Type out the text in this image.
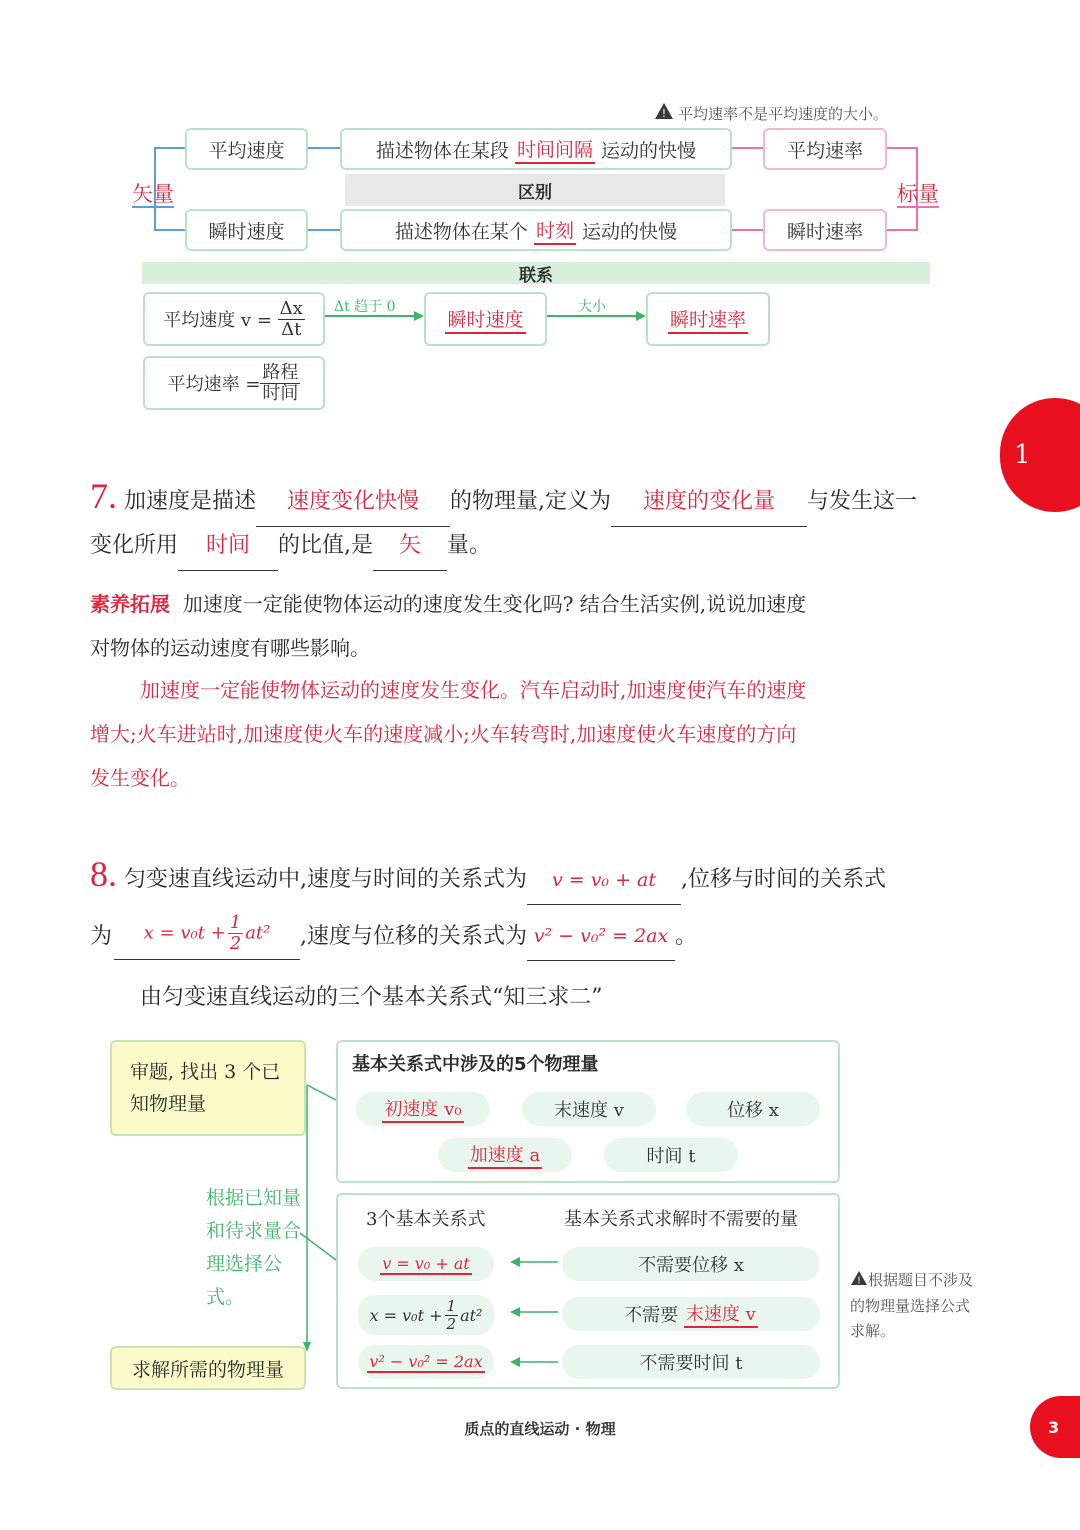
! 平均速率不是平均速度的大小。
矢量	标量
平均速度
瞬时速度
描述物体在某段
时间间隔
运动的快慢
区别
描述物体在某个
时刻
运动的快慢
平均速率
瞬时速率
联系
平均速度 v =
$\frac{\Delta x}{\Delta t}$ Δt 趋于 0
瞬时速度
大小
瞬时速率
平均速率 = $\frac{\text{路程}}{\text{时间}}$
1
7. 加速度是描述 速度变化快慢 的物理量,定义为 速度的变化量 与发生这一
变化所用 时间 的比值,是 矢 量。
素养拓展 加速度一定能使物体运动的速度发生变化吗? 结合生活实例,说说加速度
对物体的运动速度有哪些影响。
加速度一定能使物体运动的速度发生变化。汽车启动时,加速度使汽车的速度
增大;火车进站时,加速度使火车的速度减小;火车转弯时,加速度使火车速度的方向
发生变化。
8. 匀变速直线运动中,速度与时间的关系式为 v = v₀ + at ,位移与时间的关系式
为	$x = v_0t + \frac{1}{2} at^2$	,速度与位移的关系式为 v² − v₀² = 2ax 。
由匀变速直线运动的三个基本关系式“知三求二”
审题, 找出 3 个已知物理量
根据已知量和待求量合理选择公式。
求解所需的物理量
基本关系式中涉及的5个物理量
初速度 v₀	末速度 v	位移 x
加速度 a	时间 t
3个基本关系式	基本关系式求解时不需要的量
v = v₀ + at
$x = v_0t + \frac{1}{2} at^2$
v² − v₀² = 2ax
不需要位移 x
不需要
末速度 v
不需要时间 t
! 根据题目不涉及的物理量选择公式求解。
质点的直线运动 · 物理	3
